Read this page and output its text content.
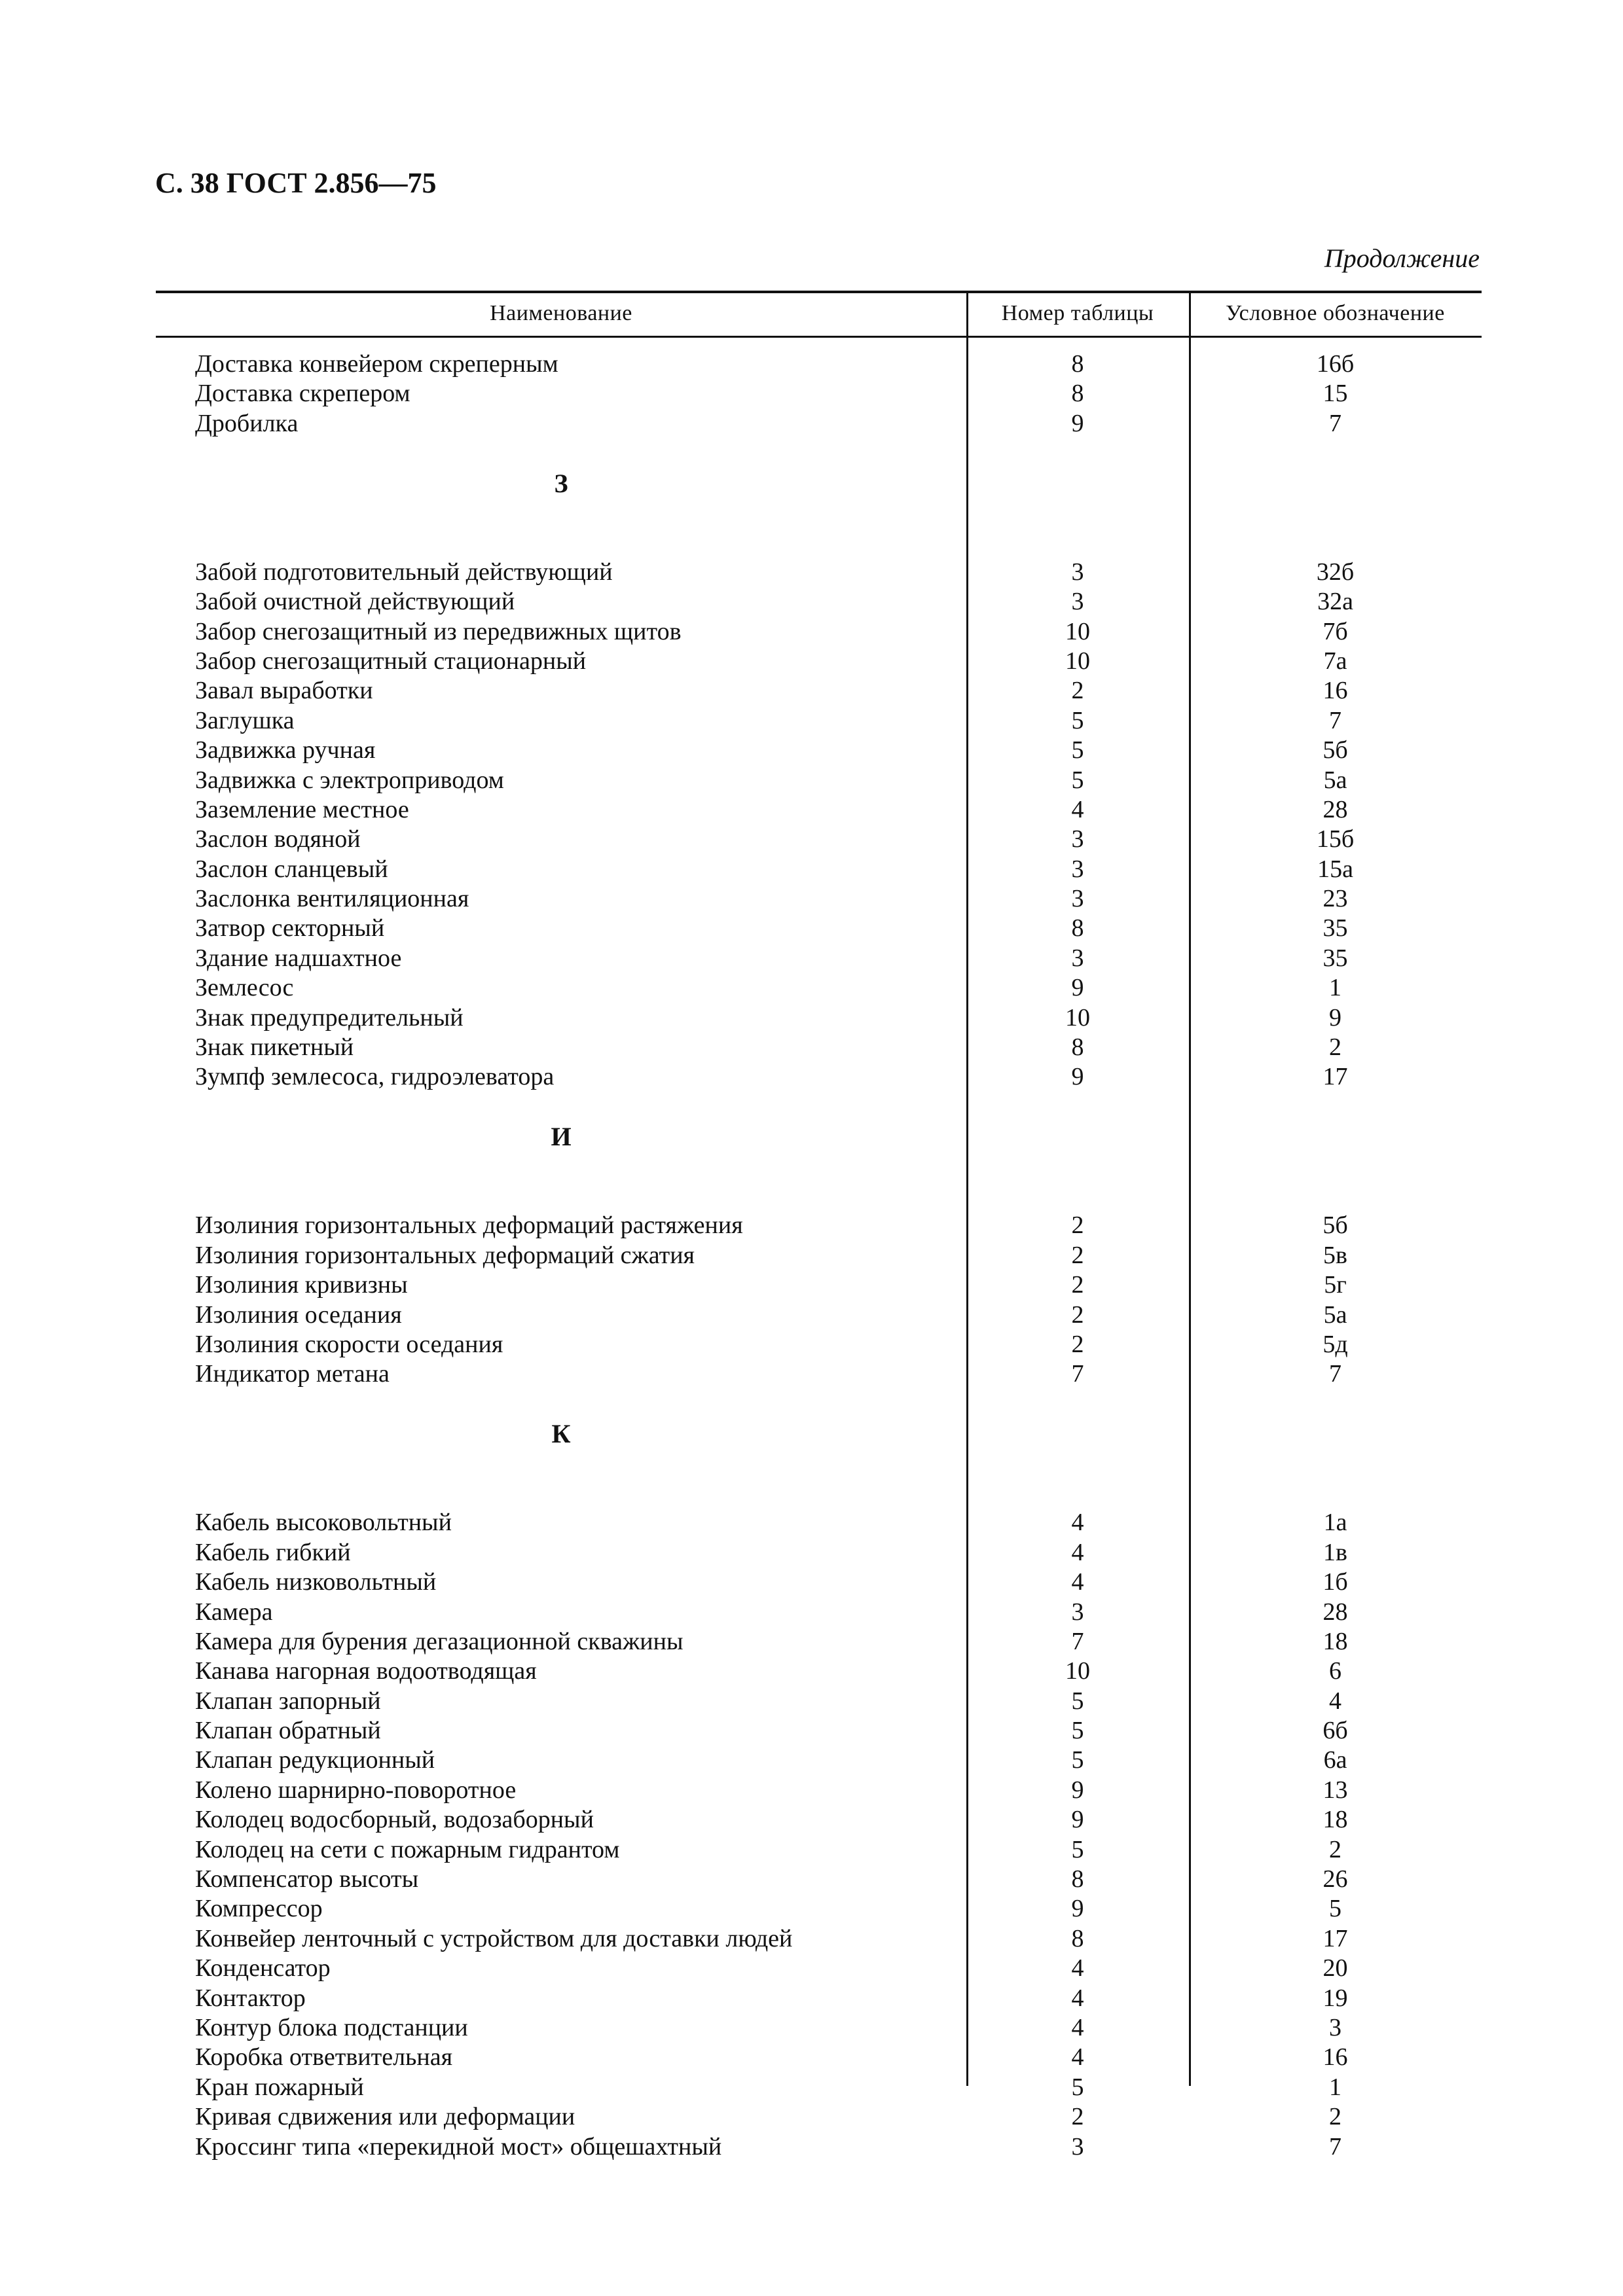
С. 38 ГОСТ 2.856—75
Продолжение
Наименование	Номер таблицы	Условное обозначение
Доставка конвейером скреперным	8	16б
Доставка скрепером	8	15
Дробилка	9	7
З
Забой подготовительный действующий	3	32б
Забой очистной действующий	3	32а
Забор снегозащитный из передвижных щитов	10	7б
Забор снегозащитный стационарный	10	7а
Завал выработки	2	16
Заглушка	5	7
Задвижка ручная	5	5б
Задвижка с электроприводом	5	5а
Заземление местное	4	28
Заслон водяной	3	15б
Заслон сланцевый	3	15а
Заслонка вентиляционная	3	23
Затвор секторный	8	35
Здание надшахтное	3	35
Землесос	9	1
Знак предупредительный	10	9
Знак пикетный	8	2
Зумпф землесоса, гидроэлеватора	9	17
И
Изолиния горизонтальных деформаций растяжения	2	5б
Изолиния горизонтальных деформаций сжатия	2	5в
Изолиния кривизны	2	5г
Изолиния оседания	2	5а
Изолиния скорости оседания	2	5д
Индикатор метана	7	7
К
Кабель высоковольтный	4	1а
Кабель гибкий	4	1в
Кабель низковольтный	4	1б
Камера	3	28
Камера для бурения дегазационной скважины	7	18
Канава нагорная водоотводящая	10	6
Клапан запорный	5	4
Клапан обратный	5	6б
Клапан редукционный	5	6а
Колено шарнирно-поворотное	9	13
Колодец водосборный, водозаборный	9	18
Колодец на сети с пожарным гидрантом	5	2
Компенсатор высоты	8	26
Компрессор	9	5
Конвейер ленточный с устройством для доставки людей	8	17
Конденсатор	4	20
Контактор	4	19
Контур блока подстанции	4	3
Коробка ответвительная	4	16
Кран пожарный	5	1
Кривая сдвижения или деформации	2	2
Кроссинг типа «перекидной мост» общешахтный	3	7
